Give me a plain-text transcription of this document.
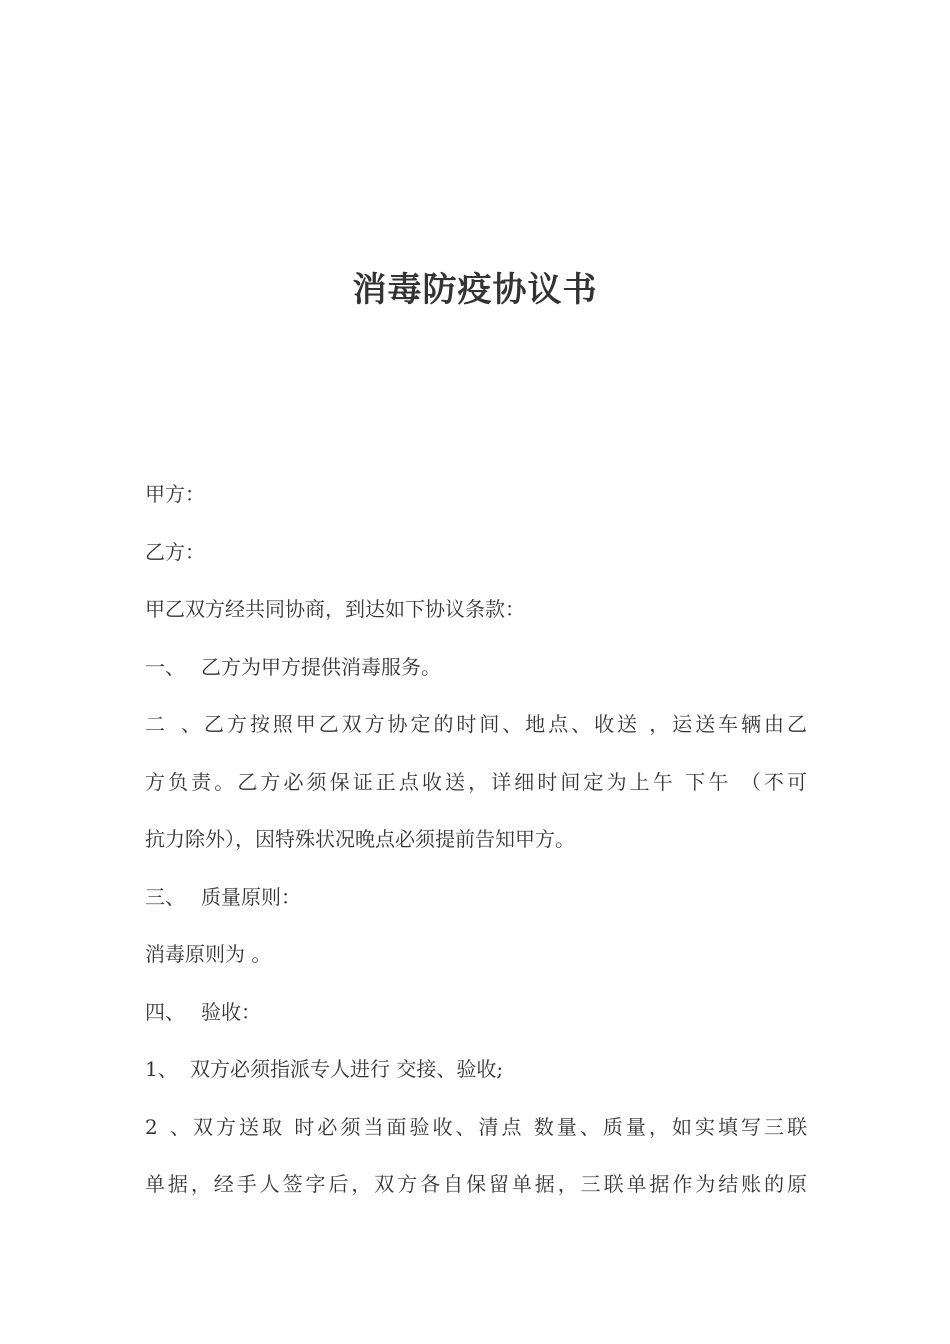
消毒防疫协议书
甲方：
乙方：
甲乙双方经共同协商，到达如下协议条款：
一、 乙方为甲方提供消毒服务。
二、乙方按照甲乙双方协定的时间、地点、收送 ，运送车辆由乙
方负责。乙方必须保证正点收送，详细时间定为上午 下午 （不可
抗力除外），因特殊状况晚点必须提前告知甲方。
三、 质量原则：
消毒原则为 。
四、 验收：
1、 双方必须指派专人进行 交接、验收;
2、双方送取 时必须当面验收、清点 数量、质量，如实填写三联
单据，经手人签字后，双方各自保留单据，三联单据作为结账的原
